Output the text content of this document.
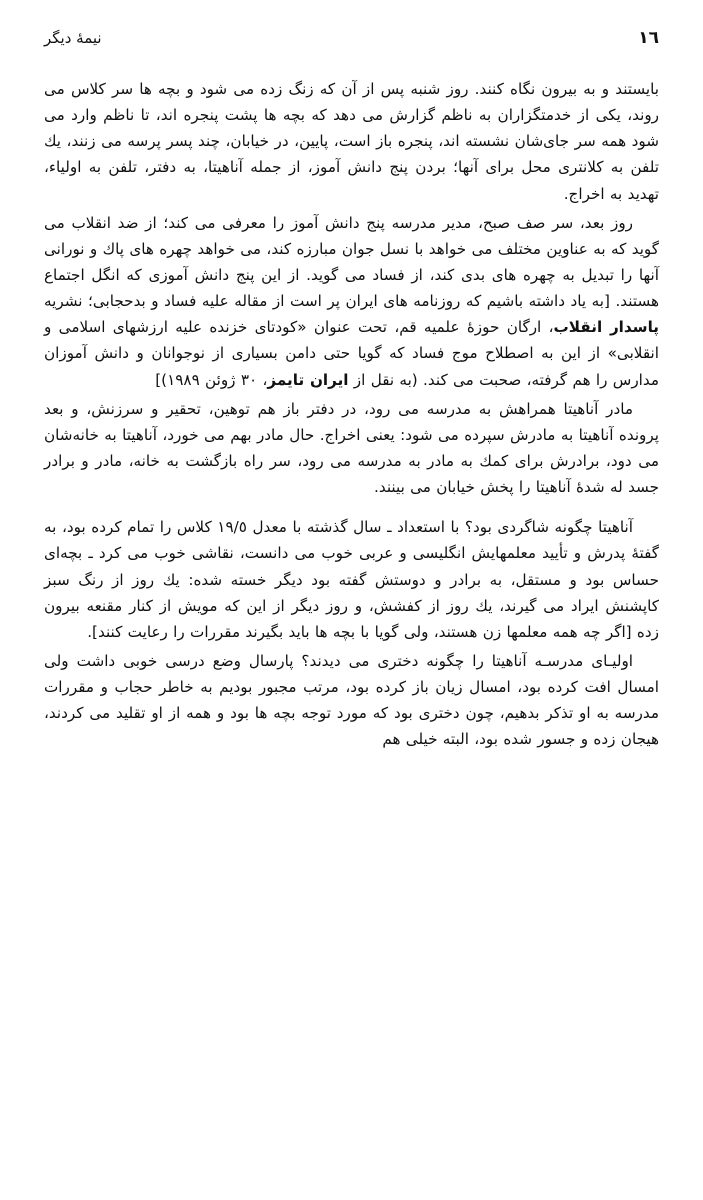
١٦
نيمهٔ ديگر

بايستند و به بيرون نگاه كنند. روز شنبه پس از آن كه زنگ زده مى شود و بچه ها سر كلاس مى روند، يكى از خدمتگزاران به ناظم گزارش مى دهد كه بچه ها پشت پنجره اند، تا ناظم وارد مى شود همه سر جاى‌شان نشسته اند، پنجره باز است، پايين، در خيابان، چند پسر پرسه مى زنند، يك تلفن به كلانترى محل براى آنها؛ بردن پنج دانش آموز، از جمله آناهيتا، به دفتر، تلفن به اولياء، تهديد به اخراج.

روز بعد، سر صف صبح، مدير مدرسه پنج دانش آموز را معرفى مى كند؛ از ضد انقلاب مى گويد كه به عناوين مختلف مى خواهد با نسل جوان مبارزه كند، مى خواهد چهره هاى پاك و نورانى آنها را تبديل به چهره هاى بدى كند، از فساد مى گويد. از اين پنج دانش آموزى كه انگل اجتماع هستند. [به ياد داشته باشيم كه روزنامه هاى ايران پر است از مقاله عليه فساد و بدحجابى؛ نشريه پاسدار انقلاب، ارگان حوزهٔ علميه قم، تحت عنوان «كودتاى خزنده عليه ارزشهاى اسلامى و انقلابى» از اين به اصطلاح موج فساد كه گويا حتى دامن بسيارى از نوجوانان و دانش آموزان مدارس را هم گرفته، صحبت مى كند. (به نقل از ايران تايمز، ٣٠ ژوئن ١٩٨٩)]

مادر آناهيتا همراهش به مدرسه مى رود، در دفتر باز هم توهين، تحقير و سرزنش، و بعد پرونده آناهيتا به مادرش سپرده مى شود: يعنى اخراج. حال مادر بهم مى خورد، آناهيتا به خانه‌شان مى دود، برادرش براى كمك به مادر به مدرسه مى رود، سر راه بازگشت به خانه، مادر و برادر جسد له شدهٔ آناهيتا را پخش خيابان مى بينند.

آناهيتا چگونه شاگردى بود؟ با استعداد ـ سال گذشته با معدل ١٩/٥ كلاس را تمام كرده بود، به گفتهٔ پدرش و تأييد معلمهايش انگليسى و عربى خوب مى دانست، نقاشى خوب مى كرد ـ بچه‌اى حساس بود و مستقل، به برادر و دوستش گفته بود ديگر خسته شده: يك روز از رنگ سبز كاپشنش ايراد مى گيرند، يك روز از كفشش، و روز ديگر از اين كه مويش از كنار مقنعه بيرون زده [اگر چه همه معلمها زن هستند، ولى گويا با بچه ها بايد بگيرند مقررات را رعايت كنند].

اوليـاى مدرسـه آناهيتا را چگونه دخترى مى ديدند؟ پارسال وضع درسى خوبى داشت ولى امسال افت كرده بود، امسال زيان باز كرده بود، مرتب مجبور بوديم به خاطر حجاب و مقررات مدرسه به او تذكر بدهيم، چون دخترى بود كه مورد توجه بچه ها بود و همه از او تقليد مى كردند، هيجان زده و جسور شده بود، البته خيلى هم
